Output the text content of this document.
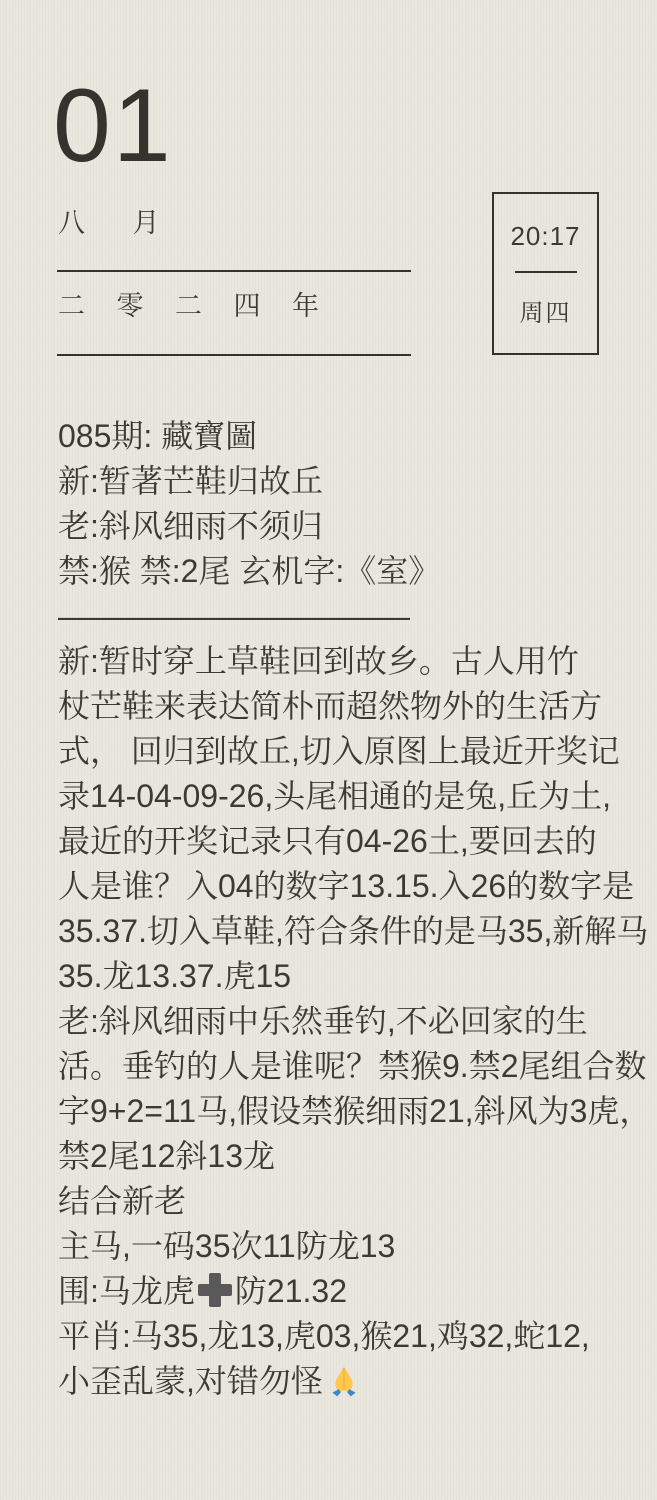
01
八 月
二 零 二 四 年
20:17
周四
085期: 藏寶圖
新:暂著芒鞋归故丘
老:斜风细雨不须归
禁:猴 禁:2尾 玄机字:《室》
———————————
新:暂时穿上草鞋回到故乡。古人用竹
杖芒鞋来表达简朴而超然物外的生活方
式， 回归到故丘,切入原图上最近开奖记
录14-04-09-26,头尾相通的是兔,丘为土,
最近的开奖记录只有04-26土,要回去的
人是谁？入04的数字13.15.入26的数字是
35.37.切入草鞋,符合条件的是马35,新解马
35.龙13.37.虎15
老:斜风细雨中乐然垂钓,不必回家的生
活。垂钓的人是谁呢？禁猴9.禁2尾组合数
字9+2=11马,假设禁猴细雨21,斜风为3虎，
禁2尾12斜13龙
结合新老
主马,一码35次11防龙13
围:马龙虎 防21.32
平肖:马35,龙13,虎03,猴21,鸡32,蛇12,
小歪乱蒙,对错勿怪
